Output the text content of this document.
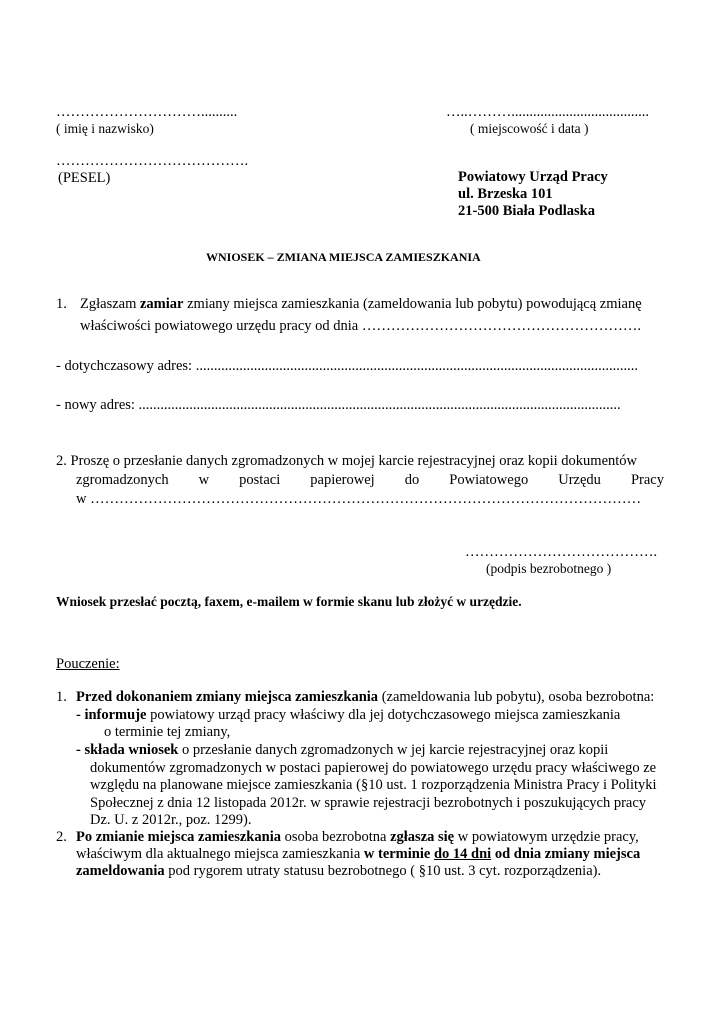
…………………………..........
( imię i nazwisko)
………………………………….
(PESEL)
…..………......................................
( miejscowość i data )
Powiatowy Urząd Pracy
ul. Brzeska 101
21-500 Biała Podlaska
WNIOSEK – ZMIANA MIEJSCA ZAMIESZKANIA
1. Zgłaszam zamiar zmiany miejsca zamieszkania (zameldowania lub pobytu) powodującą zmianę
właściwości powiatowego urzędu pracy od dnia ………………………………………………….
- dotychczasowy adres: ..........................................................................................................................
- nowy adres: .....................................................................................................................................
2. Proszę o przesłanie danych zgromadzonych w mojej karcie rejestracyjnej oraz kopii dokumentów
zgromadzonych w postaci papierowej do Powiatowego Urzędu Pracy
w ……………………………………………………………………………………………………
………………………………….
(podpis bezrobotnego )
Wniosek przesłać pocztą, faxem, e-mailem w formie skanu lub złożyć w urzędzie.
Pouczenie:
1. Przed dokonaniem zmiany miejsca zamieszkania (zameldowania lub pobytu), osoba bezrobotna:
- informuje powiatowy urząd pracy właściwy dla jej dotychczasowego miejsca zamieszkania
o terminie tej zmiany,
- składa wniosek o przesłanie danych zgromadzonych w jej karcie rejestracyjnej oraz kopii
dokumentów zgromadzonych w postaci papierowej do powiatowego urzędu pracy właściwego ze
względu na planowane miejsce zamieszkania (§10 ust. 1 rozporządzenia Ministra Pracy i Polityki
Społecznej z dnia 12 listopada 2012r. w sprawie rejestracji bezrobotnych i poszukujących pracy
Dz. U. z 2012r., poz. 1299).
2. Po zmianie miejsca zamieszkania osoba bezrobotna zgłasza się w powiatowym urzędzie pracy,
właściwym dla aktualnego miejsca zamieszkania w terminie do 14 dni od dnia zmiany miejsca
zameldowania pod rygorem utraty statusu bezrobotnego ( §10 ust. 3 cyt. rozporządzenia).
